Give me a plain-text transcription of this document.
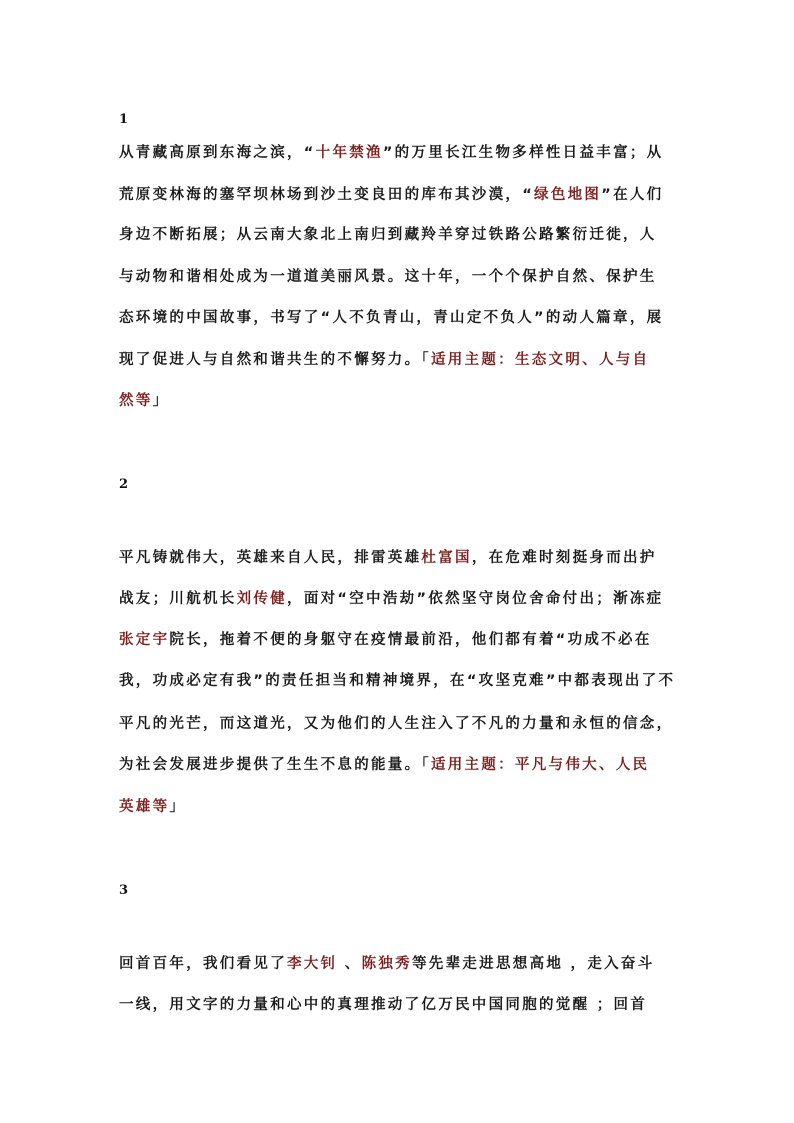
1
从青藏高原到东海之滨，“十年禁渔”的万里长江生物多样性日益丰富；从
荒原变林海的塞罕坝林场到沙土变良田的库布其沙漠，“绿色地图”在人们
身边不断拓展；从云南大象北上南归到藏羚羊穿过铁路公路繁衍迁徙，人
与动物和谐相处成为一道道美丽风景。这十年，一个个保护自然、保护生
态环境的中国故事，书写了“人不负青山，青山定不负人”的动人篇章，展
现了促进人与自然和谐共生的不懈努力。「适用主题：生态文明、人与自
然等」
2
平凡铸就伟大，英雄来自人民，排雷英雄杜富国，在危难时刻挺身而出护
战友；川航机长刘传健，面对“空中浩劫”依然坚守岗位舍命付出；渐冻症
张定宇院长，拖着不便的身躯守在疫情最前沿，他们都有着“功成不必在
我，功成必定有我”的责任担当和精神境界，在“攻坚克难”中都表现出了不
平凡的光芒，而这道光，又为他们的人生注入了不凡的力量和永恒的信念，
为社会发展进步提供了生生不息的能量。「适用主题：平凡与伟大、人民
英雄等」
3
回首百年，我们看见了李大钊 、陈独秀等先辈走进思想高地 ，走入奋斗
一线，用文字的力量和心中的真理推动了亿万民中国同胞的觉醒 ；回首
